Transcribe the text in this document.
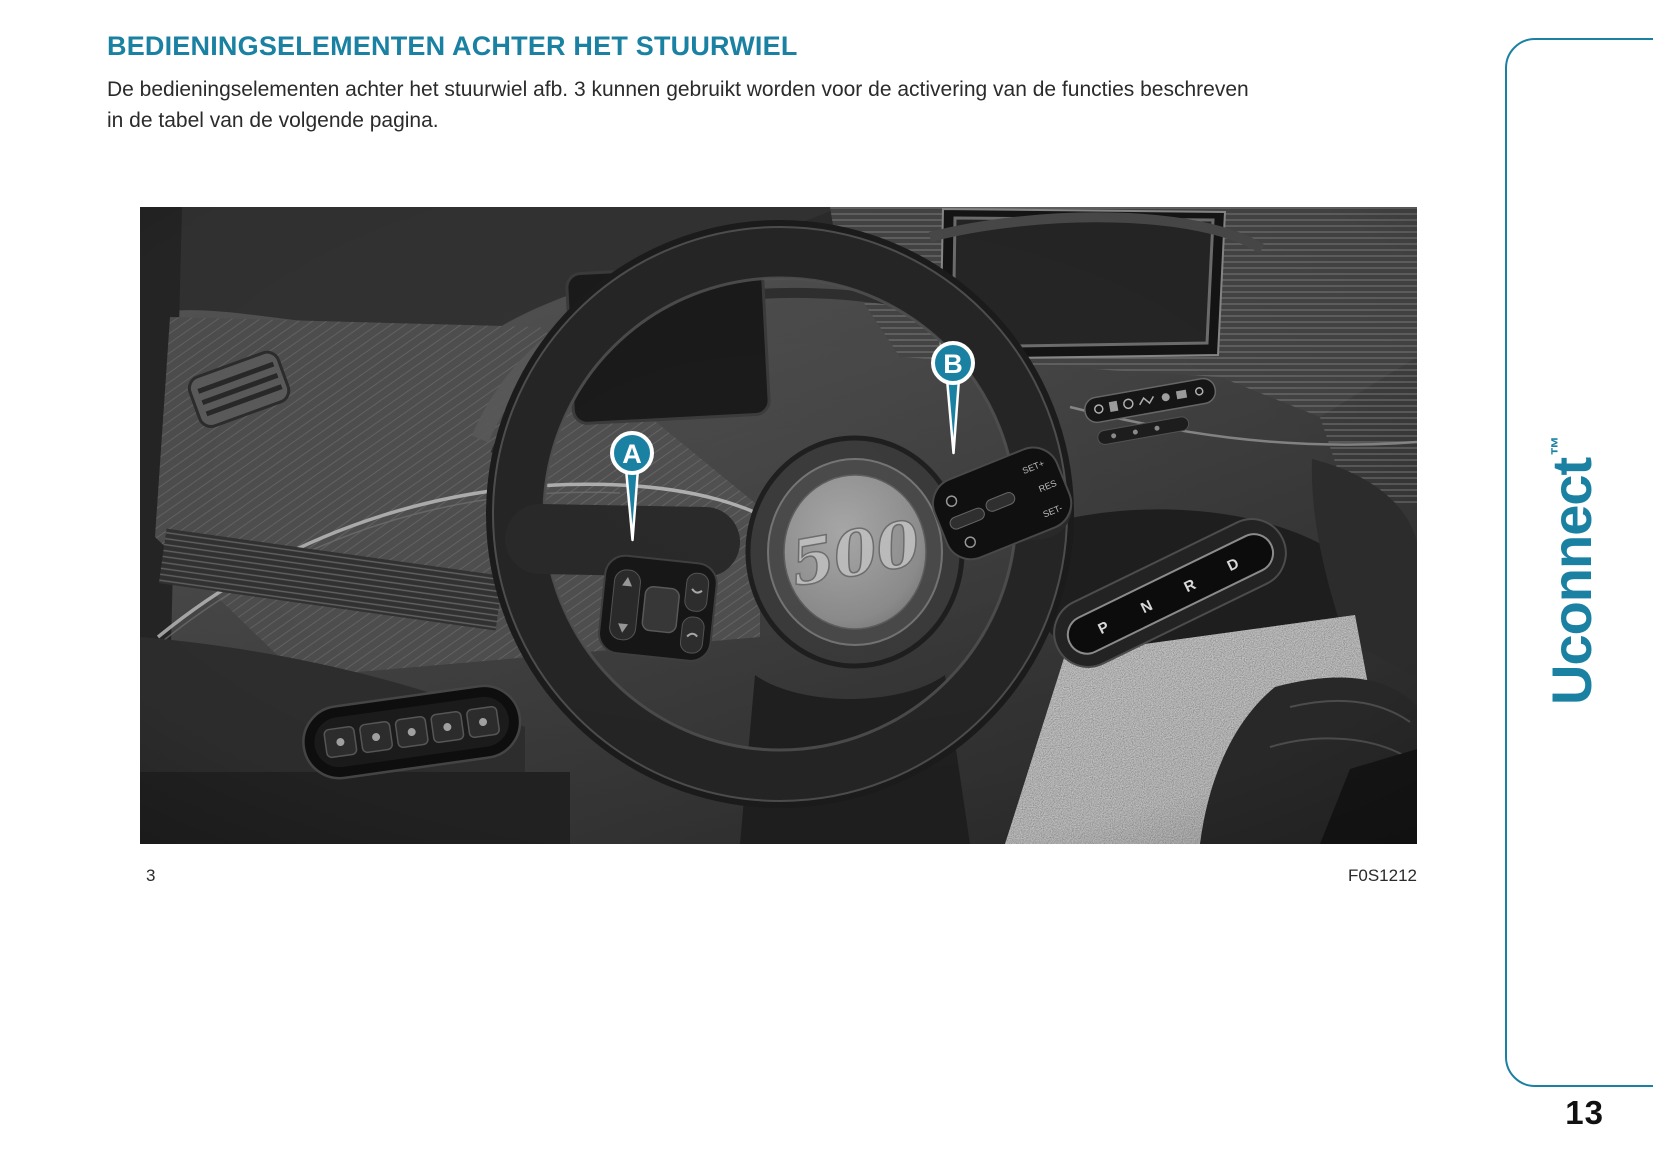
BEDIENINGSELEMENTEN ACHTER HET STUURWIEL
De bedieningselementen achter het stuurwiel afb. 3 kunnen gebruikt worden voor de activering van de functies beschreven
in de tabel van de volgende pagina.
A
B
3	F0S1212
Uconnect™
13
